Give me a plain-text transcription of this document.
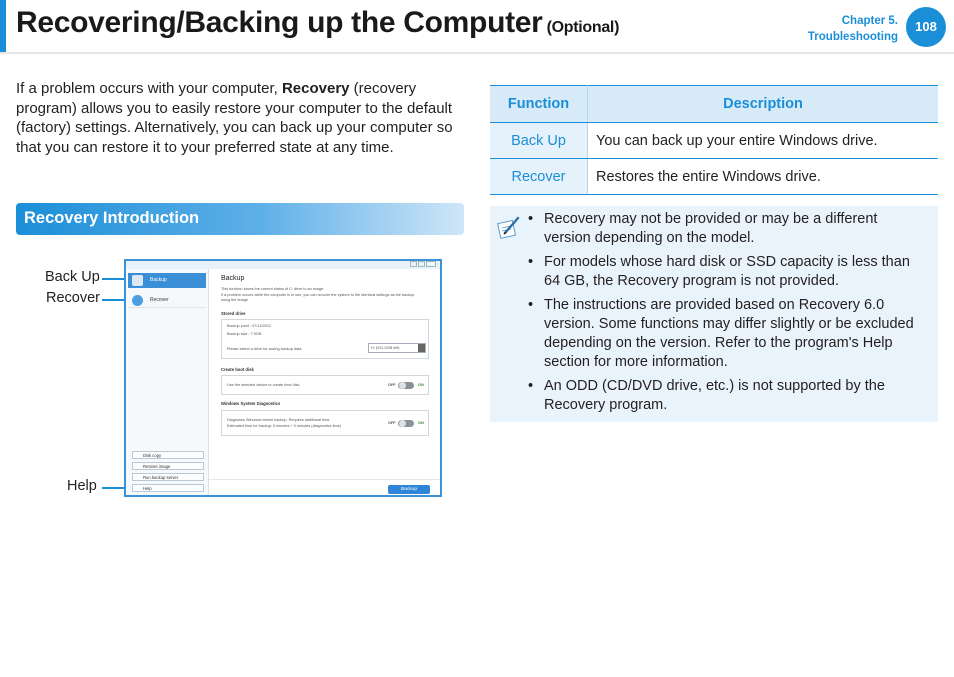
Recovering/Backing up the Computer (Optional)	Chapter 5.
Troubleshooting
108

If a problem occurs with your computer, Recovery (recovery program) allows you to easily restore your computer to the default (factory) settings. Alternatively, you can back up your computer so that you can restore it to your preferred state at any time.

Recovery Introduction
Back Up
Recover
Help
Backup
Recover
Disk copy
Restore image
Run backup server
Help
Backup
This function saves the current status of C: drive to an image.
If a problem occurs while the computer is in use, you can recover the system to the identical settings as the backup
using the image.
Stored drive
Backup point : 07/14/2012
Backup size : 7.9GB
Please select a drive for saving backup data.	H: (931.0GB left)
Create boot disk
Use the selected device to create boot disk.	OFF	ON
Windows System Diagnostics
Diagnoses Windows before backup. Requires additional time.
Estimated time for backup: 5 minutes + 0 minutes (diagnostics time)
OFF	ON
Backup
Function	Description
Back Up	You can back up your entire Windows drive.
Recover	Restores the entire Windows drive.
• Recovery may not be provided or may be a different version depending on the model.
• For models whose hard disk or SSD capacity is less than 64 GB, the Recovery program is not provided.
• The instructions are provided based on Recovery 6.0 version. Some functions may differ slightly or be excluded depending on the version. Refer to the program's Help section for more information.
• An ODD (CD/DVD drive, etc.) is not supported by the Recovery program.
